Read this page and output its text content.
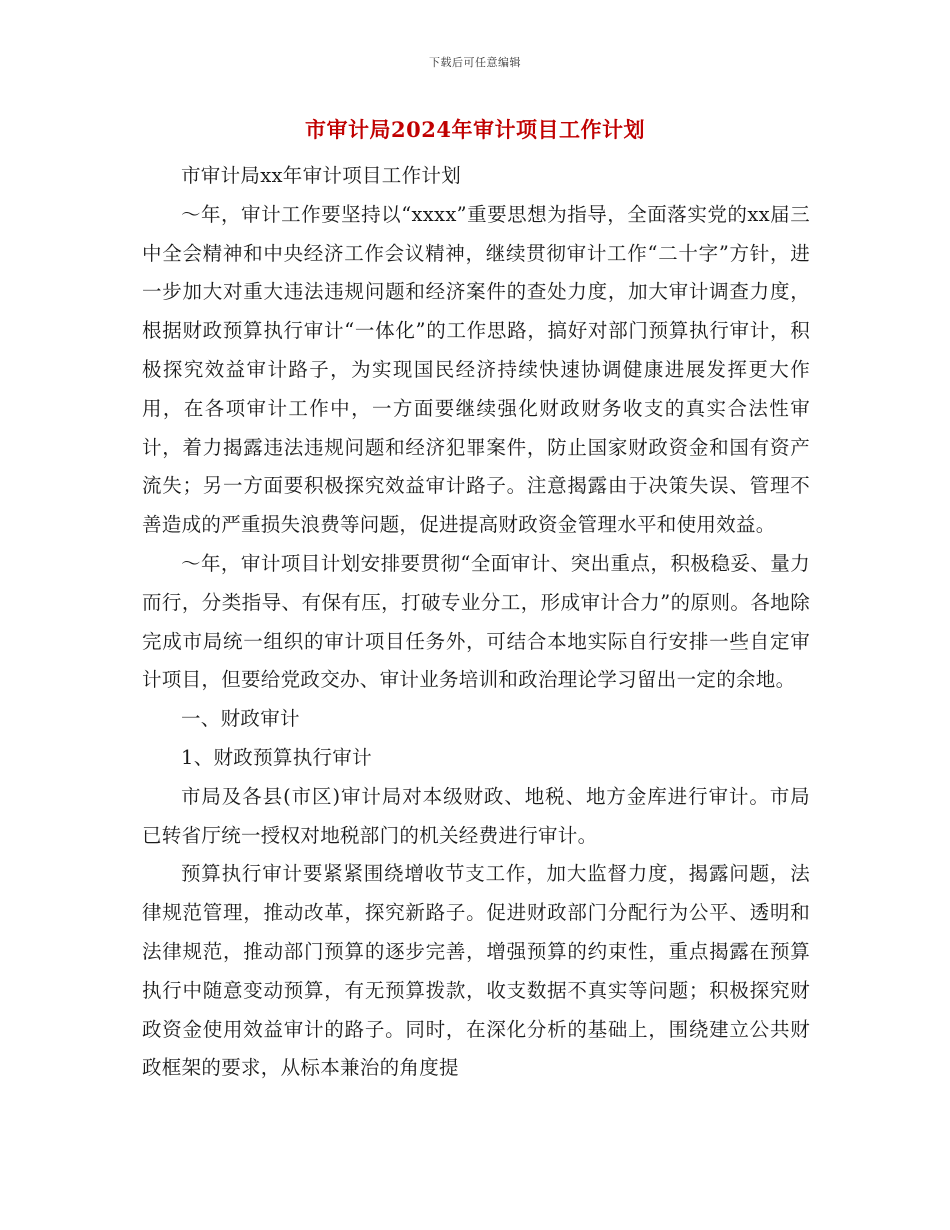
下载后可任意编辑
市审计局2024年审计项目工作计划

市审计局xx年审计项目工作计划

～年，审计工作要坚持以“xxxx”重要思想为指导，全面落实党的xx届三中全会精神和中央经济工作会议精神，继续贯彻审计工作“二十字”方针，进一步加大对重大违法违规问题和经济案件的查处力度，加大审计调查力度，根据财政预算执行审计“一体化”的工作思路，搞好对部门预算执行审计，积极探究效益审计路子，为实现国民经济持续快速协调健康进展发挥更大作用，在各项审计工作中，一方面要继续强化财政财务收支的真实合法性审计，着力揭露违法违规问题和经济犯罪案件，防止国家财政资金和国有资产流失；另一方面要积极探究效益审计路子。注意揭露由于决策失误、管理不善造成的严重损失浪费等问题，促进提高财政资金管理水平和使用效益。

～年，审计项目计划安排要贯彻“全面审计、突出重点，积极稳妥、量力而行，分类指导、有保有压，打破专业分工，形成审计合力”的原则。各地除完成市局统一组织的审计项目任务外，可结合本地实际自行安排一些自定审计项目，但要给党政交办、审计业务培训和政治理论学习留出一定的余地。

一、财政审计

1、财政预算执行审计

市局及各县(市区)审计局对本级财政、地税、地方金库进行审计。市局已转省厅统一授权对地税部门的机关经费进行审计。

预算执行审计要紧紧围绕增收节支工作，加大监督力度，揭露问题，法律规范管理，推动改革，探究新路子。促进财政部门分配行为公平、透明和法律规范，推动部门预算的逐步完善，增强预算的约束性，重点揭露在预算执行中随意变动预算，有无预算拨款，收支数据不真实等问题；积极探究财政资金使用效益审计的路子。同时，在深化分析的基础上，围绕建立公共财政框架的要求，从标本兼治的角度提
